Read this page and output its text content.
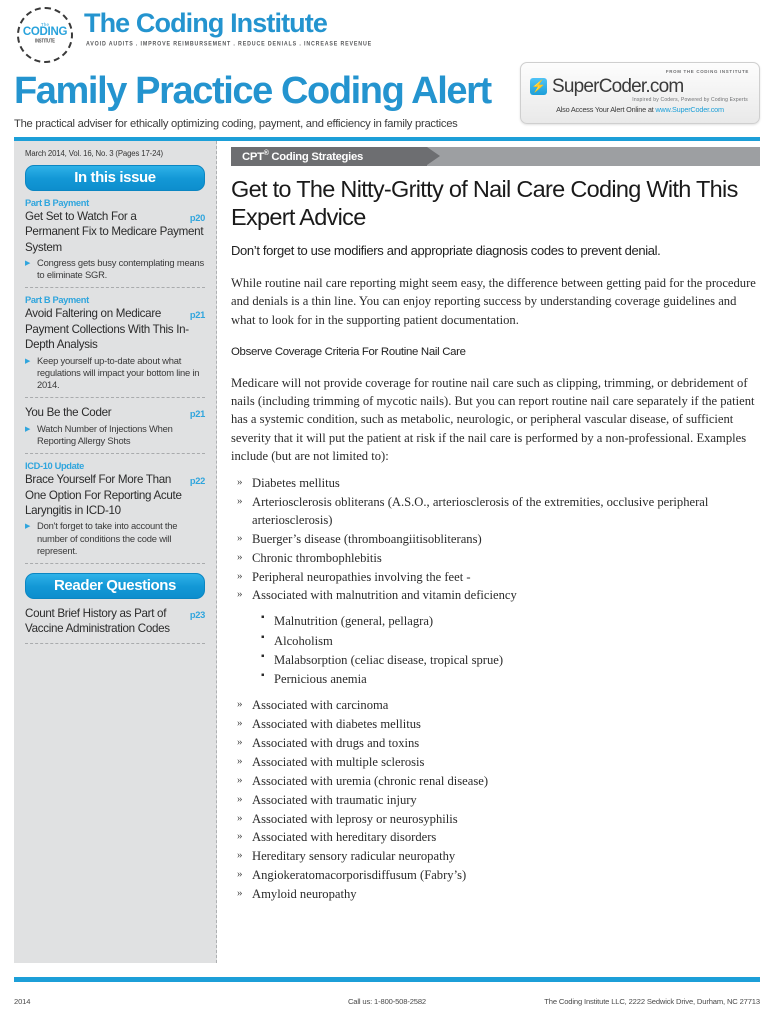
The
CODING
INSTITUTE
The Coding Institute
AVOID AUDITS . IMPROVE REIMBURSEMENT . REDUCE DENIALS . INCREASE REVENUE
Family Practice Coding Alert
The practical adviser for ethically optimizing coding, payment, and efficiency in family practices
FROM THE CODING INSTITUTE
⚡
SuperCoder.com
Inspired by Coders, Powered by Coding Experts
Also Access Your Alert Online at www.SuperCoder.com
March 2014, Vol. 16, No. 3 (Pages 17-24)
In this issue
Part B Payment
p20
Get Set to Watch For a Permanent Fix to Medicare Payment System
▶ Congress gets busy contemplating means to eliminate SGR.
Part B Payment
p21
Avoid Faltering on Medicare Payment Collections With This In-Depth Analysis
▶ Keep yourself up-to-date about what regulations will impact your bottom line in 2014.
p21
You Be the Coder
▶ Watch Number of Injections When Reporting Allergy Shots
ICD-10 Update
p22
Brace Yourself For More Than One Option For Reporting Acute Laryngitis in ICD-10
▶ Don't forget to take into account the number of conditions the code will represent.
Reader Questions
p23
Count Brief History as Part of Vaccine Administration Codes
CPT® Coding Strategies
Get to The Nitty-Gritty of Nail Care Coding With This Expert Advice
Don’t forget to use modifiers and appropriate diagnosis codes to prevent denial.

While routine nail care reporting might seem easy, the difference between getting paid for the procedure and denials is a thin line. You can enjoy reporting success by understanding coverage guidelines and what to look for in the supporting patient documentation.

Observe Coverage Criteria For Routine Nail Care

Medicare will not provide coverage for routine nail care such as clipping, trimming, or debridement of nails (including trimming of mycotic nails). But you can report routine nail care separately if the patient has a systemic condition, such as metabolic, neurologic, or peripheral vascular disease, of sufficient severity that it will put the patient at risk if the nail care is performed by a non-professional. Examples include (but are not limited to):

» Diabetes mellitus
» Arteriosclerosis obliterans (A.S.O., arteriosclerosis of the extremities, occlusive peripheral arteriosclerosis)
» Buerger’s disease (thromboangiitisobliterans)
» Chronic thrombophlebitis
» Peripheral neuropathies involving the feet -
» Associated with malnutrition and vitamin deficiency
▪ Malnutrition (general, pellagra)
▪ Alcoholism
▪ Malabsorption (celiac disease, tropical sprue)
▪ Pernicious anemia
» Associated with carcinoma
» Associated with diabetes mellitus
» Associated with drugs and toxins
» Associated with multiple sclerosis
» Associated with uremia (chronic renal disease)
» Associated with traumatic injury
» Associated with leprosy or neurosyphilis
» Associated with hereditary disorders
» Hereditary sensory radicular neuropathy
» Angiokeratomacorporisdiffusum (Fabry’s)
» Amyloid neuropathy
2014	Call us: 1-800-508-2582	The Coding Institute LLC, 2222 Sedwick Drive, Durham, NC 27713
